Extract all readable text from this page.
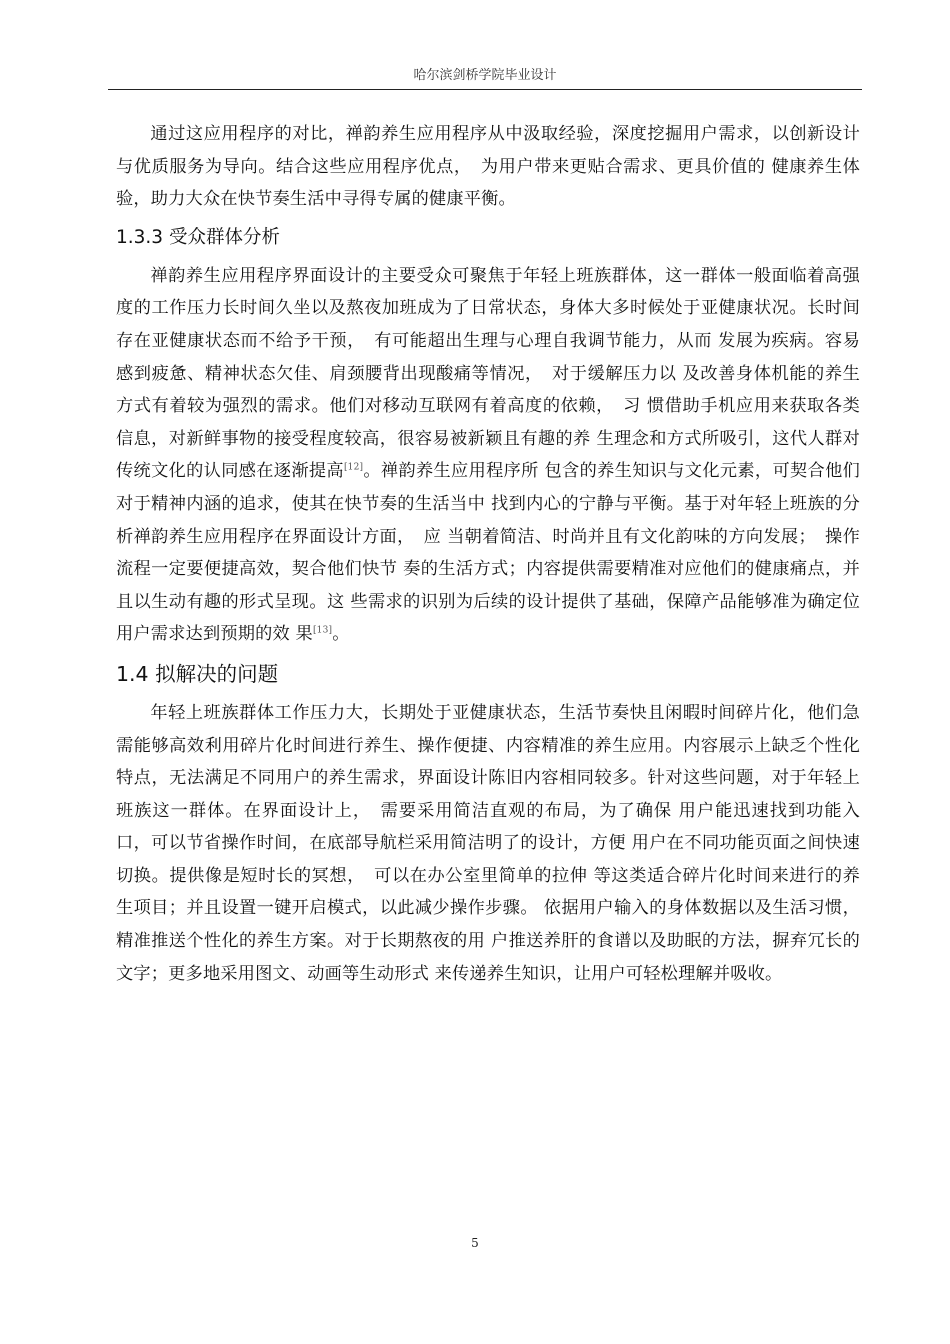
哈尔滨剑桥学院毕业设计

通过这应用程序的对比，禅韵养生应用程序从中汲取经验，深度挖掘用户需求，以创新设计与优质服务为导向。结合这些应用程序优点，　为用户带来更贴合需求、更具价值的 健康养生体验，助力大众在快节奏生活中寻得专属的健康平衡。

1.3.3 受众群体分析

禅韵养生应用程序界面设计的主要受众可聚焦于年轻上班族群体，这一群体一般面临着高强度的工作压力长时间久坐以及熬夜加班成为了日常状态，身体大多时候处于亚健康状况。长时间存在亚健康状态而不给予干预，　有可能超出生理与心理自我调节能力，从而 发展为疾病。容易感到疲惫、精神状态欠佳、肩颈腰背出现酸痛等情况，　对于缓解压力以 及改善身体机能的养生方式有着较为强烈的需求。他们对移动互联网有着高度的依赖，　习 惯借助手机应用来获取各类信息，对新鲜事物的接受程度较高，很容易被新颖且有趣的养 生理念和方式所吸引，这代人群对传统文化的认同感在逐渐提高[12]。禅韵养生应用程序所 包含的养生知识与文化元素，可契合他们对于精神内涵的追求，使其在快节奏的生活当中 找到内心的宁静与平衡。基于对年轻上班族的分析禅韵养生应用程序在界面设计方面，　应 当朝着简洁、时尚并且有文化韵味的方向发展；　操作流程一定要便捷高效，契合他们快节 奏的生活方式；内容提供需要精准对应他们的健康痛点，并且以生动有趣的形式呈现。这 些需求的识别为后续的设计提供了基础，保障产品能够准为确定位用户需求达到预期的效 果[13]。

1.4 拟解决的问题

年轻上班族群体工作压力大，长期处于亚健康状态，生活节奏快且闲暇时间碎片化，他们急需能够高效利用碎片化时间进行养生、操作便捷、内容精准的养生应用。内容展示上缺乏个性化特点，无法满足不同用户的养生需求，界面设计陈旧内容相同较多。针对这些问题，对于年轻上班族这一群体。在界面设计上，　需要采用简洁直观的布局，为了确保 用户能迅速找到功能入口，可以节省操作时间，在底部导航栏采用简洁明了的设计，方便 用户在不同功能页面之间快速切换。提供像是短时长的冥想，　可以在办公室里简单的拉伸 等这类适合碎片化时间来进行的养生项目；并且设置一键开启模式，以此减少操作步骤。 依据用户输入的身体数据以及生活习惯，精准推送个性化的养生方案。对于长期熬夜的用 户推送养肝的食谱以及助眠的方法，摒弃冗长的文字；更多地采用图文、动画等生动形式 来传递养生知识，让用户可轻松理解并吸收。

5
